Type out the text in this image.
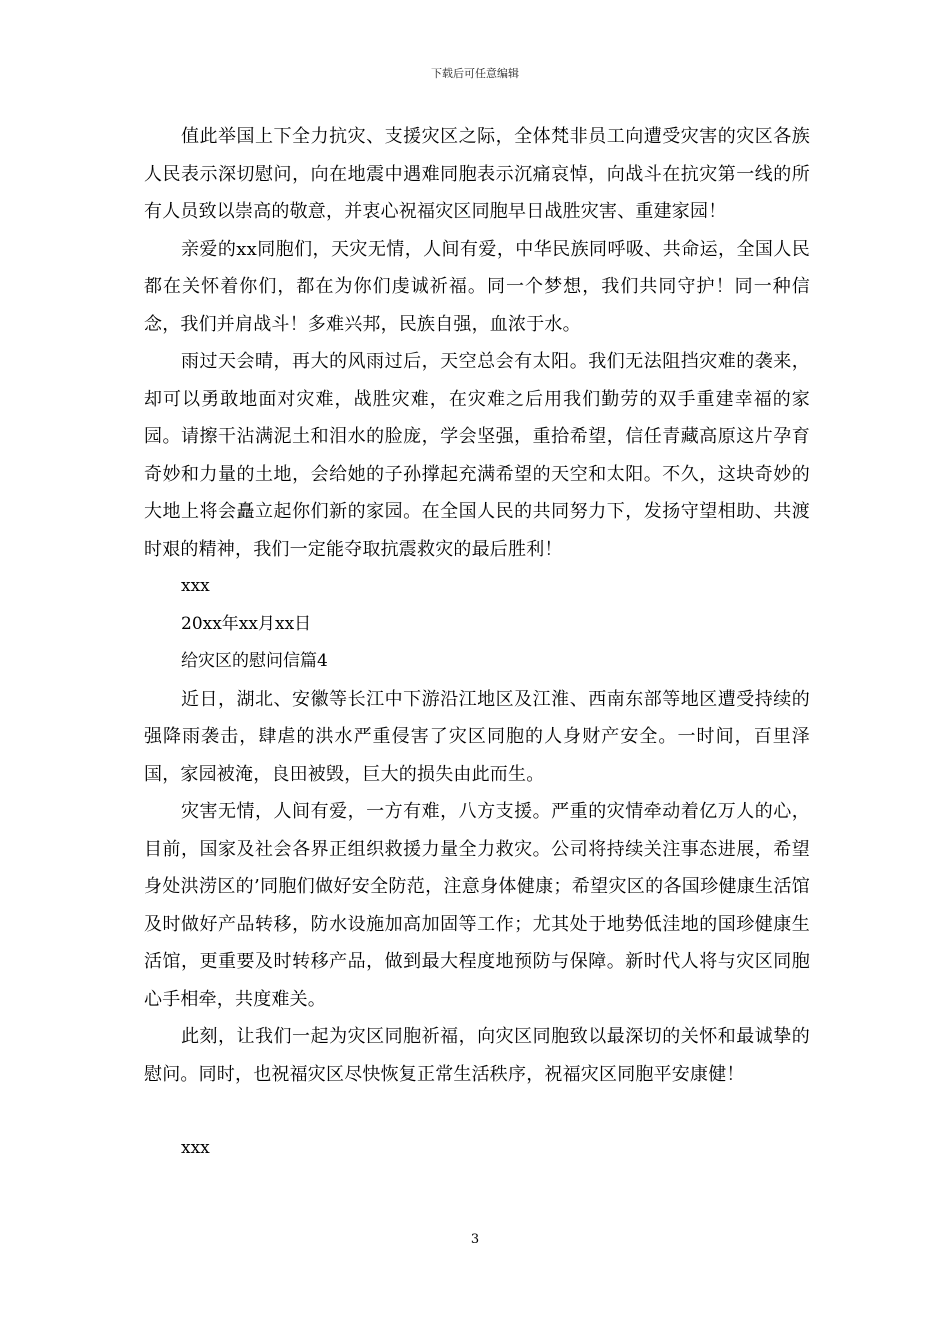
下载后可任意编辑

值此举国上下全力抗灾、支援灾区之际，全体梵非员工向遭受灾害的灾区各族人民表示深切慰问，向在地震中遇难同胞表示沉痛哀悼，向战斗在抗灾第一线的所有人员致以崇高的敬意，并衷心祝福灾区同胞早日战胜灾害、重建家园！

亲爱的xx同胞们，天灾无情，人间有爱，中华民族同呼吸、共命运，全国人民都在关怀着你们，都在为你们虔诚祈福。同一个梦想，我们共同守护！同一种信念，我们并肩战斗！多难兴邦，民族自强，血浓于水。

雨过天会晴，再大的风雨过后，天空总会有太阳。我们无法阻挡灾难的袭来，却可以勇敢地面对灾难，战胜灾难，在灾难之后用我们勤劳的双手重建幸福的家园。请擦干沾满泥土和泪水的脸庞，学会坚强，重拾希望，信任青藏高原这片孕育奇妙和力量的土地，会给她的子孙撑起充满希望的天空和太阳。不久，这块奇妙的大地上将会矗立起你们新的家园。在全国人民的共同努力下，发扬守望相助、共渡时艰的精神，我们一定能夺取抗震救灾的最后胜利！

xxx

20xx年xx月xx日

给灾区的慰问信篇4

近日，湖北、安徽等长江中下游沿江地区及江淮、西南东部等地区遭受持续的强降雨袭击，肆虐的洪水严重侵害了灾区同胞的人身财产安全。一时间，百里泽国，家园被淹，良田被毁，巨大的损失由此而生。

灾害无情，人间有爱，一方有难，八方支援。严重的灾情牵动着亿万人的心，目前，国家及社会各界正组织救援力量全力救灾。公司将持续关注事态进展，希望身处洪涝区的’同胞们做好安全防范，注意身体健康；希望灾区的各国珍健康生活馆及时做好产品转移，防水设施加高加固等工作；尤其处于地势低洼地的国珍健康生活馆，更重要及时转移产品，做到最大程度地预防与保障。新时代人将与灾区同胞心手相牵，共度难关。

此刻，让我们一起为灾区同胞祈福，向灾区同胞致以最深切的关怀和最诚挚的慰问。同时，也祝福灾区尽快恢复正常生活秩序，祝福灾区同胞平安康健！

xxx

3
